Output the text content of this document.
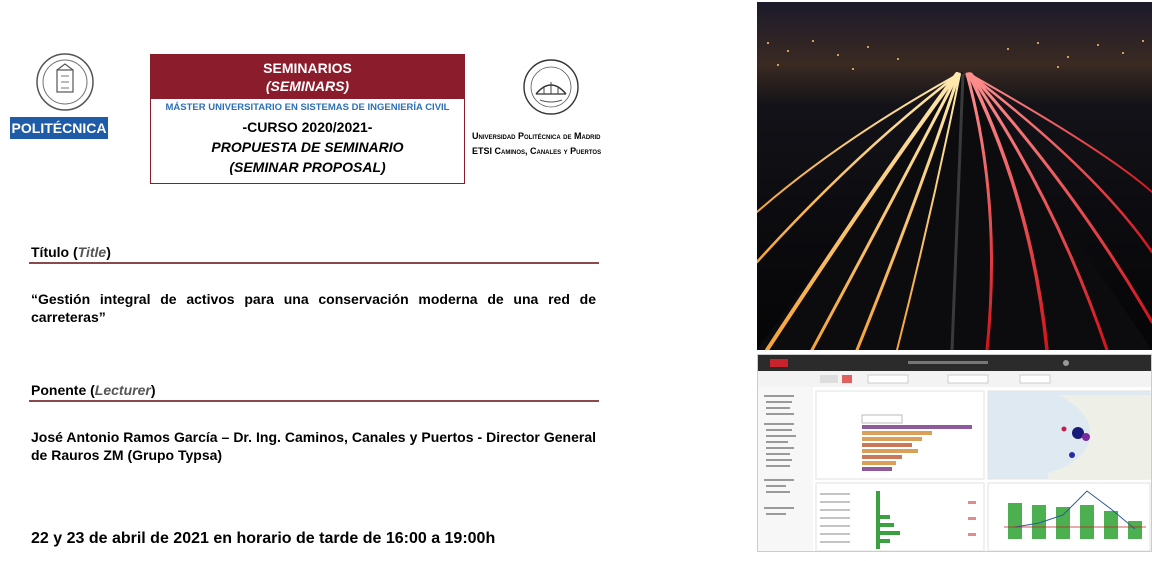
POLITÉCNICA
SEMINARIOS
(SEMINARS)
MÁSTER UNIVERSITARIO EN SISTEMAS DE INGENIERÍA CIVIL
-CURSO 2020/2021-
PROPUESTA DE SEMINARIO
(SEMINAR PROPOSAL)
Universidad Politécnica de Madrid
ETSI Caminos, Canales y Puertos
Título (Title)
“Gestión integral de activos para una conservación moderna de una red de carreteras”
Ponente (Lecturer)
José Antonio Ramos García – Dr. Ing. Caminos, Canales y Puertos - Director General de Rauros ZM (Grupo Typsa)
22 y 23 de abril de 2021 en horario de tarde de 16:00 a 19:00h
